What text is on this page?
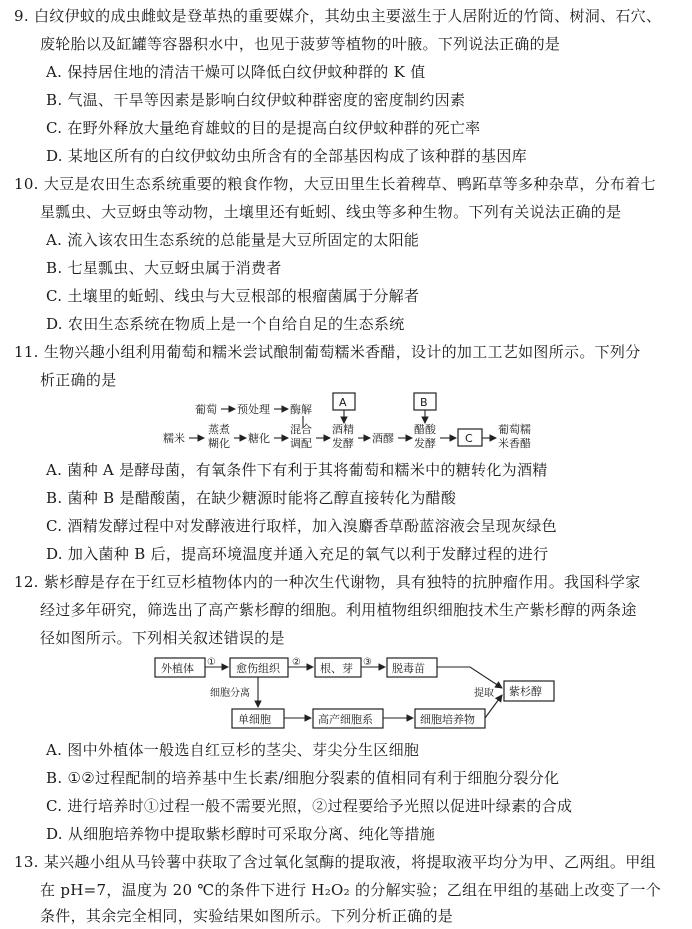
9. 白纹伊蚊的成虫雌蚊是登革热的重要媒介，其幼虫主要滋生于人居附近的竹筒、树洞、石穴、
废轮胎以及缸罐等容器积水中，也见于菠萝等植物的叶腋。下列说法正确的是
A. 保持居住地的清洁干燥可以降低白纹伊蚊种群的 K 值
B. 气温、干旱等因素是影响白纹伊蚊种群密度的密度制约因素
C. 在野外释放大量绝育雄蚊的目的是提高白纹伊蚊种群的死亡率
D. 某地区所有的白纹伊蚊幼虫所含有的全部基因构成了该种群的基因库
10. 大豆是农田生态系统重要的粮食作物，大豆田里生长着稗草、鸭跖草等多种杂草，分布着七
星瓢虫、大豆蚜虫等动物，土壤里还有蚯蚓、线虫等多种生物。下列有关说法正确的是
A. 流入该农田生态系统的总能量是大豆所固定的太阳能
B. 七星瓢虫、大豆蚜虫属于消费者
C. 土壤里的蚯蚓、线虫与大豆根部的根瘤菌属于分解者
D. 农田生态系统在物质上是一个自给自足的生态系统
11. 生物兴趣小组利用葡萄和糯米尝试酿制葡萄糯米香醋，设计的加工工艺如图所示。下列分
析正确的是
葡萄 预处理 酶解
糯米
蒸煮
糊化 糖化
混合
调配
酒精
发酵
A
酒醪
醋酸
发酵
B
C
葡萄糯
米香醋
A. 菌种 A 是酵母菌，有氧条件下有利于其将葡萄和糯米中的糖转化为酒精
B. 菌种 B 是醋酸菌，在缺少糖源时能将乙醇直接转化为醋酸
C. 酒精发酵过程中对发酵液进行取样，加入溴麝香草酚蓝溶液会呈现灰绿色
D. 加入菌种 B 后，提高环境温度并通入充足的氧气以利于发酵过程的进行
12. 紫杉醇是存在于红豆杉植物体内的一种次生代谢物，具有独特的抗肿瘤作用。我国科学家
经过多年研究，筛选出了高产紫杉醇的细胞。利用植物组织细胞技术生产紫杉醇的两条途
径如图所示。下列相关叙述错误的是
外植体 ① 愈伤组织 ② 根、芽 ③ 脱毒苗
紫杉醇
提取
细胞分离
单细胞	高产细胞系	细胞培养物
A. 图中外植体一般选自红豆杉的茎尖、芽尖分生区细胞
B. ①②过程配制的培养基中生长素/细胞分裂素的值相同有利于细胞分裂分化
C. 进行培养时①过程一般不需要光照，②过程要给予光照以促进叶绿素的合成
D. 从细胞培养物中提取紫杉醇时可采取分离、纯化等措施
13. 某兴趣小组从马铃薯中获取了含过氧化氢酶的提取液，将提取液平均分为甲、乙两组。甲组
在 pH=7，温度为 20 ℃的条件下进行 H₂O₂ 的分解实验；乙组在甲组的基础上改变了一个
条件，其余完全相同，实验结果如图所示。下列分析正确的是
